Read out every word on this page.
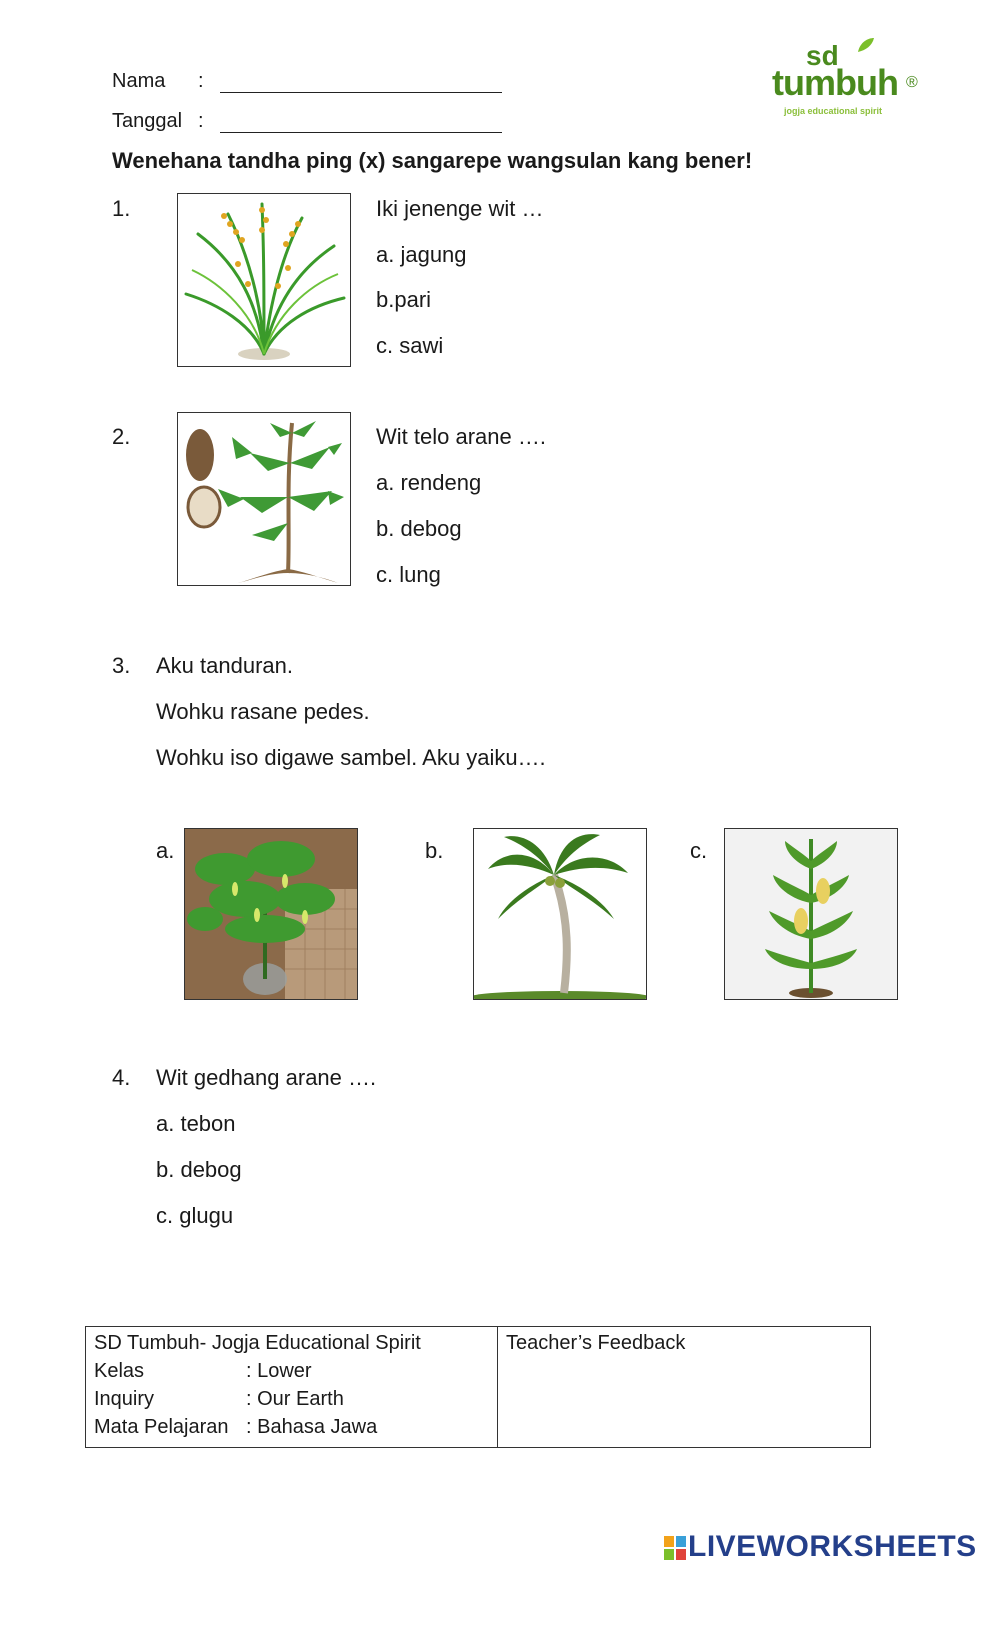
Nama :
Tanggal :
sd
tumbuh ®
jogja educational spirit
Wenehana tandha ping (x) sangarepe wangsulan kang bener!
1.	Iki jenenge wit …
a. jagung
b.pari
c. sawi
2.	Wit telo arane ….
a. rendeng
b. debog
c. lung
3. Aku tanduran.
Wohku rasane pedes.
Wohku iso digawe sambel. Aku yaiku….
a.	b.	c.
4. Wit gedhang arane ….
a. tebon
b. debog
c. glugu
SD Tumbuh- Jogja Educational Spirit
Kelas	: Lower
Inquiry	: Our Earth
Mata Pelajaran : Bahasa Jawa
Teacher’s Feedback
LIVEWORKSHEETS
